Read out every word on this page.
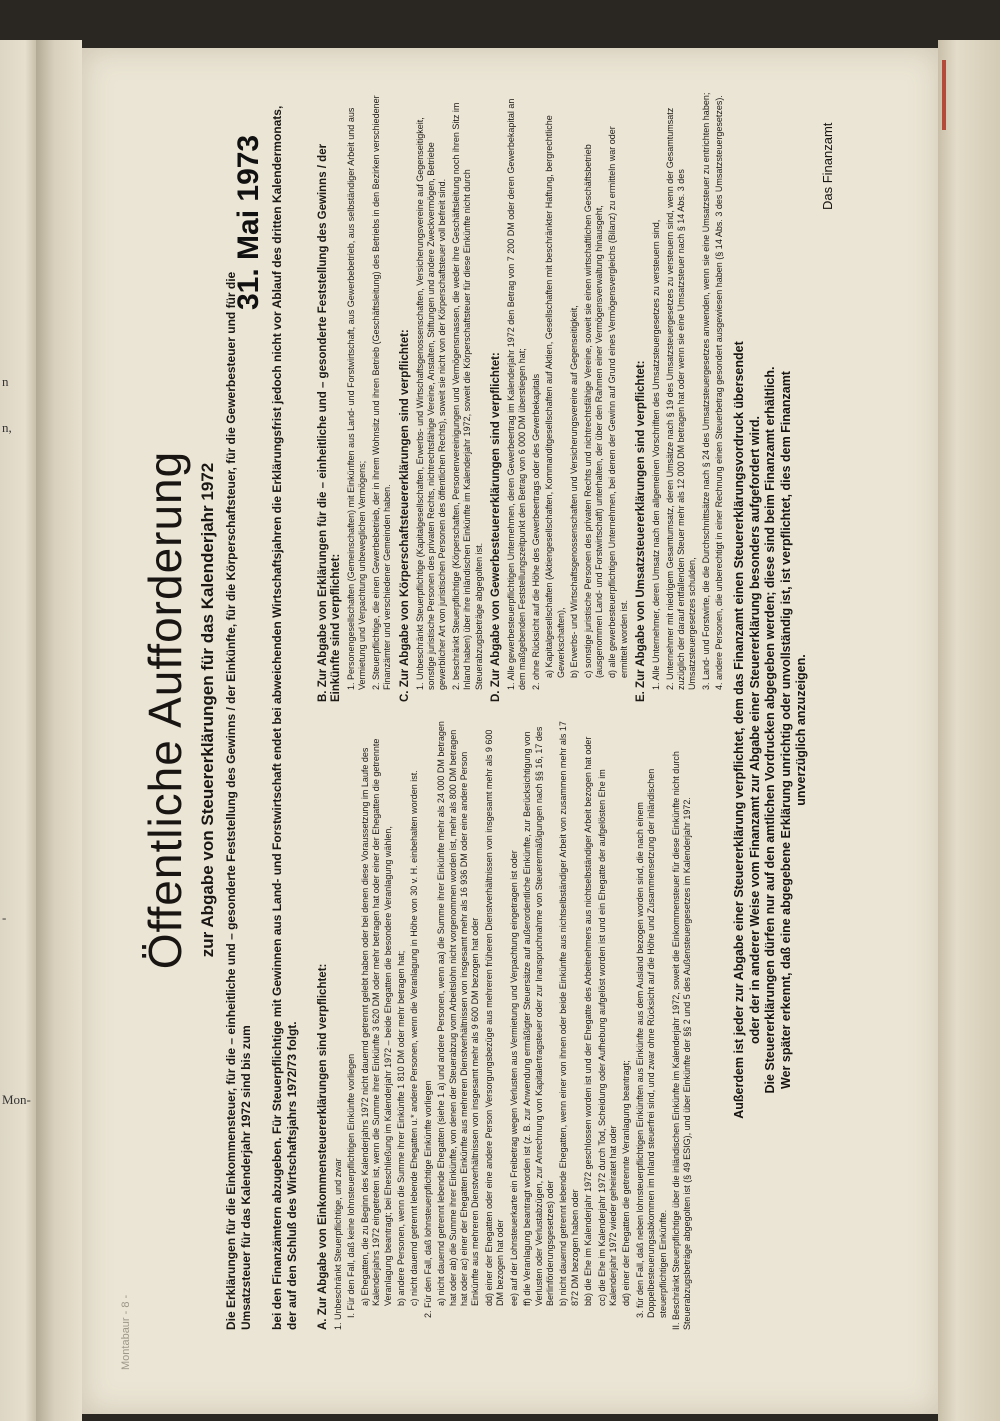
n
n,
-
Mon-
Montabaur - 8 -
Öffentliche Aufforderung zur Abgabe von Steuererklärungen für das Kalenderjahr 1972 Die Erklärungen für die Einkommensteuer, für die – einheitliche und – gesonderte Feststellung des Gewinns / der Einkünfte, für die Körperschaftsteuer, für die Gewerbesteuer und für die Umsatzsteuer für das Kalenderjahr 1972 sind bis zum
31. Mai 1973 bei den Finanzämtern abzugeben. Für Steuerpflichtige mit Gewinnen aus Land- und Forstwirtschaft endet bei abweichenden Wirtschaftsjahren die Erklärungsfrist jedoch nicht vor Ablauf des dritten Kalendermonats, der auf den Schluß des Wirtschaftsjahrs 1972/73 folgt. A. Zur Abgabe von Einkommensteuererklärungen sind verpflichtet: 1. Unbeschränkt Steuerpflichtige, und zwar I. Für den Fall, daß keine lohnsteuerpflichtigen Einkünfte vorliegen a) Ehegatten, die zu Beginn des Kalenderjahrs 1972 nicht dauernd getrennt gelebt haben oder bei denen diese Voraussetzung im Laufe des Kalenderjahrs 1972 eingetreten ist, wenn die Summe ihrer Einkünfte 3 620 DM oder mehr betragen hat oder einer der Ehegatten die getrennte Veranlagung beantragt; bei Eheschließung im Kalenderjahr 1972 – beide Ehegatten die besondere Veranlagung wählen, b) andere Personen, wenn die Summe ihrer Einkünfte 1 810 DM oder mehr betragen hat; c) nicht dauernd getrennt lebende Ehegatten u.* andere Personen, wenn die Veranlagung in Höhe von 30 v. H. einbehalten worden ist. 2. Für den Fall, daß lohnsteuerpflichtige Einkünfte vorliegen a) nicht dauernd getrennt lebende Ehegatten (siehe 1 a) und andere Personen, wenn aa) die Summe ihrer Einkünfte mehr als 24 000 DM betragen hat oder ab) die Summe ihrer Einkünfte, von denen der Steuerabzug vom Arbeitslohn nicht vorgenommen worden ist, mehr als 800 DM betragen hat oder ac) einer der Ehegatten Einkünfte aus mehreren Dienstverhältnissen von insgesamt mehr als 16 936 DM oder eine andere Person Einkünfte aus mehreren Dienstverhältnissen von insgesamt mehr als 9 600 DM bezogen hat oder dd) einer der Ehegatten oder eine andere Person Versorgungsbezüge aus mehreren früheren Dienstverhältnissen von insgesamt mehr als 9 600 DM bezogen hat oder ee) auf der Lohnsteuerkarte ein Freibetrag wegen Verlusten aus Vermietung und Verpachtung eingetragen ist oder ff) die Veranlagung beantragt worden ist (z. B. zur Anwendung ermäßigter Steuersätze auf außerordentliche Einkünfte, zur Berücksichtigung von Verlusten oder Verlustabzügen, zur Anrechnung von Kapitalertragsteuer oder zur Inanspruchnahme von Steuerermäßigungen nach §§ 16, 17 des Berlinförderungsgesetzes) oder b) nicht dauernd getrennt lebende Ehegatten, wenn einer von ihnen oder beide Einkünfte aus nichtselbständiger Arbeit von zusammen mehr als 17 872 DM bezogen haben oder bb) die Ehe im Kalenderjahr 1972 geschlossen worden ist und der Ehegatte des Arbeitnehmers aus nichtselbständiger Arbeit bezogen hat oder cc) die Ehe im Kalenderjahr 1972 durch Tod, Scheidung oder Aufhebung aufgelöst worden ist und ein Ehegatte der aufgelösten Ehe im Kalenderjahr 1972 wieder geheiratet hat oder dd) einer der Ehegatten die getrennte Veranlagung beantragt; 3. für den Fall, daß neben lohnsteuerpflichtigen Einkünften aus Einkünfte aus dem Ausland bezogen worden sind, die nach einem Doppelbesteuerungsabkommen im Inland steuerfrei sind, und zwar ohne Rücksicht auf die Höhe und Zusammensetzung der inländischen steuerpflichtigen Einkünfte. II. Beschränkt Steuerpflichtige über die inländischen Einkünfte im Kalenderjahr 1972, soweit die Einkommensteuer für diese Einkünfte nicht durch Steuerabzugsbeträge abgegolten ist (§ 49 ESIG), und über Einkünfte der §§ 2 und 5 des Außensteuergesetzes im Kalenderjahr 1972.

B. Zur Abgabe von Erklärungen für die – einheitliche und – gesonderte Feststellung des Gewinns / der Einkünfte sind verpflichtet: 1. Personengesellschaften (Gemeinschaften) mit Einkünften aus Land- und Forstwirtschaft, aus Gewerbebetrieb, aus selbständiger Arbeit und aus Vermietung und Verpachtung unbeweglichen Vermögens; 2. Steuerpflichtige, die einen Gewerbebetrieb, der in ihrem Wohnsitz und ihren Betrieb (Geschäftsleitung) des Betriebs in den Bezirken verschiedener Finanzämter und verschiedener Gemeinden haben. C. Zur Abgabe von Körperschaftsteuererklärungen sind verpflichtet: 1. Unbeschränkt Steuerpflichtige (Kapitalgesellschaften, Erwerbs- und Wirtschaftsgenossenschaften, Versicherungsvereine auf Gegenseitigkeit, sonstige juristische Personen des privaten Rechts, nichtrechtsfähige Vereine, Anstalten, Stiftungen und andere Zweckvermögen, Betriebe gewerblicher Art von juristischen Personen des öffentlichen Rechts), soweit sie nicht von der Körperschaftsteuer voll befreit sind. 2. beschränkt Steuerpflichtige (Körperschaften, Personenvereinigungen und Vermögensmassen, die weder ihre Geschäftsleitung noch ihren Sitz im Inland haben) über ihre inländischen Einkünfte im Kalenderjahr 1972, soweit die Körperschaftsteuer für diese Einkünfte nicht durch Steuerabzugsbeträge abgegolten ist. D. Zur Abgabe von Gewerbesteuererklärungen sind verpflichtet: 1. Alle gewerbesteuerpflichtigen Unternehmen, deren Gewerbeertrag im Kalenderjahr 1972 den Betrag von 7 200 DM oder deren Gewerbekapital an dem maßgebenden Feststellungszeitpunkt den Betrag von 6 000 DM überstiegen hat; 2. ohne Rücksicht auf die Höhe des Gewerbeertrags oder des Gewerbekapitals a) Kapitalgesellschaften (Aktiengesellschaften, Kommanditgesellschaften auf Aktien, Gesellschaften mit beschränkter Haftung, bergrechtliche Gewerkschaften), b) Erwerbs- und Wirtschaftsgenossenschaften und Versicherungsvereine auf Gegenseitigkeit, c) sonstige juristische Personen des privaten Rechts und nichtrechtsfähige Vereine, soweit sie einen wirtschaftlichen Geschäftsbetrieb (ausgenommen Land- und Forstwirtschaft) unterhalten, der über den Rahmen einer Vermögensverwaltung hinausgeht, d) alle gewerbesteuerpflichtigen Unternehmen, bei denen der Gewinn auf Grund eines Vermögensvergleichs (Bilanz) zu ermitteln war oder ermittelt worden ist. E. Zur Abgabe von Umsatzsteuererklärungen sind verpflichtet: 1. Alle Unternehmer, deren Umsatz nach den allgemeinen Vorschriften des Umsatzsteuergesetzes zu versteuern sind, 2. Unternehmer mit niedrigem Gesamtumsatz, deren Umsätze nach § 19 des Umsatzsteuergesetzes zu versteuern sind, wenn der Gesamtumsatz zuzüglich der darauf entfallenden Steuer mehr als 12 000 DM betragen hat oder wenn sie eine Umsatzsteuer nach § 14 Abs. 3 des Umsatzsteuergesetzes schulden, 3. Land- und Forstwirte, die die Durchschnittsätze nach § 24 des Umsatzsteuergesetzes anwenden, wenn sie eine Umsatzsteuer zu entrichten haben; 4. andere Personen, die unberechtigt in einer Rechnung einen Steuerbetrag gesondert ausgewiesen haben (§ 14 Abs. 3 des Umsatzsteuergesetzes). Außerdem ist jeder zur Abgabe einer Steuererklärung verpflichtet, dem das Finanzamt einen Steuererklärungsvordruck übersendet oder der in anderer Weise vom Finanzamt zur Abgabe einer Steuererklärung besonders aufgefordert wird. Die Steuererklärungen dürfen nur auf den amtlichen Vordrucken abgegeben werden; diese sind beim Finanzamt erhältlich. Wer später erkennt, daß eine abgegebene Erklärung unrichtig oder unvollständig ist, ist verpflichtet, dies dem Finanzamt unverzüglich anzuzeigen.
Das Finanzamt
